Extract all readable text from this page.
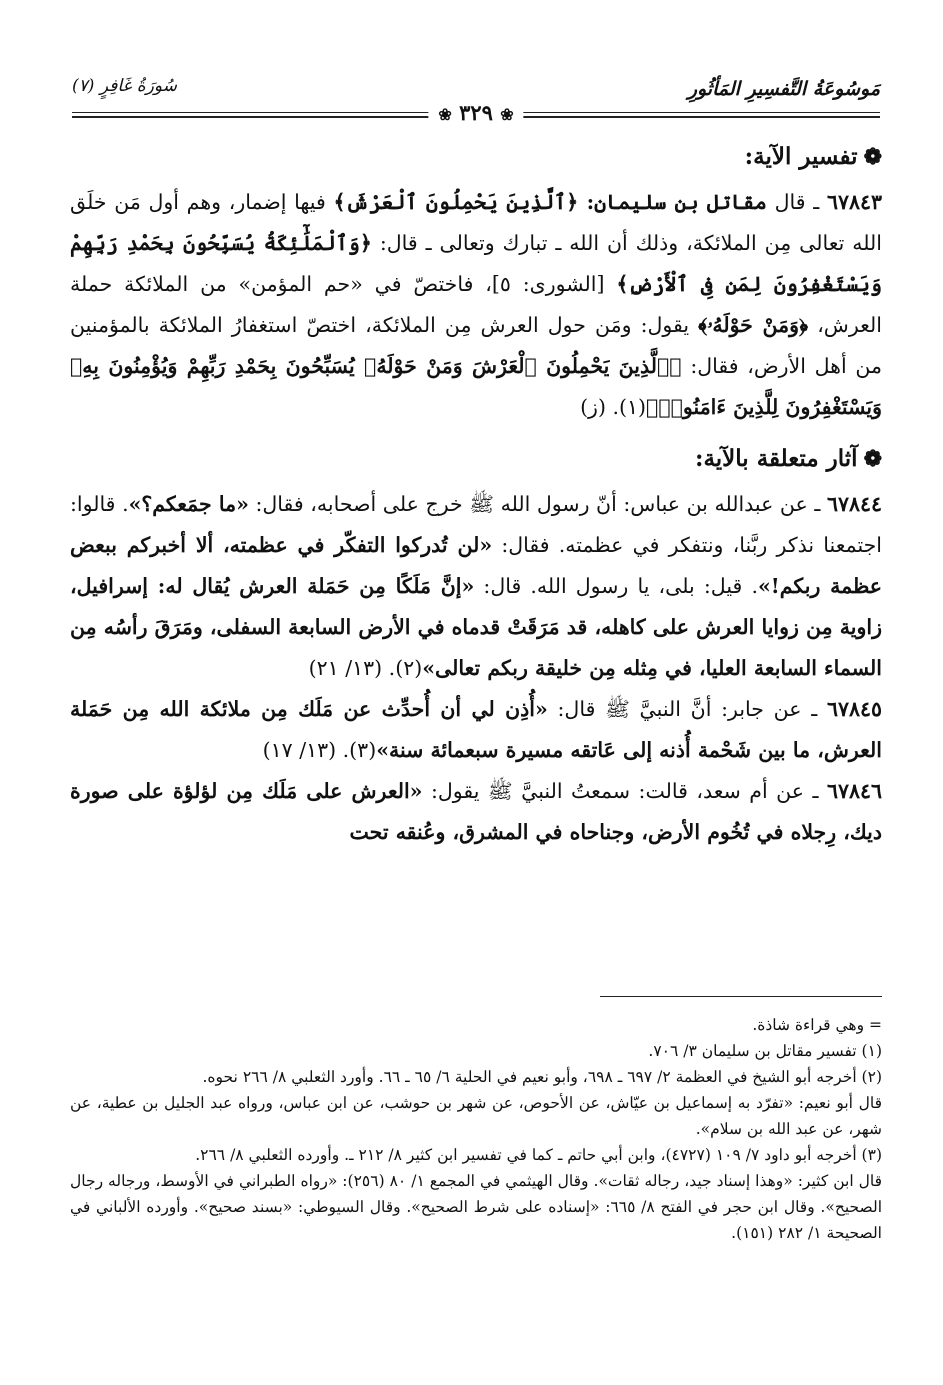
مَوسُوعَةُ التَّفسِيرِ المَأثُورِ
سُورَةُ غَافِرٍ (٧)
❀ ٣٢٩ ❀
❁تفسير الآية:

٦٧٨٤٣ ـ قال مقاتل بن سليمان: ﴿ٱلَّذِينَ يَحْمِلُونَ ٱلْعَرْشَ﴾ فيها إضمار، وهم أول مَن خلَق الله تعالى مِن الملائكة، وذلك أن الله ـ تبارك وتعالى ـ قال: ﴿وَٱلْمَلَٰٓئِكَةُ يُسَبِّحُونَ بِحَمْدِ رَبِّهِمْ وَيَسْتَغْفِرُونَ لِمَن فِى ٱلْأَرْضِ﴾ [الشورى: ٥]، فاختصّ في «حم المؤمن» من الملائكة حملة العرش، ﴿وَمَنْ حَوْلَهُۥ﴾ يقول: ومَن حول العرش مِن الملائكة، اختصّ استغفارُ الملائكة بالمؤمنين من أهل الأرض، فقال: ﴿ٱلَّذِينَ يَحْمِلُونَ ٱلْعَرْشَ وَمَنْ حَوْلَهُۥ يُسَبِّحُونَ بِحَمْدِ رَبِّهِمْ وَيُؤْمِنُونَ بِهِۦ وَيَسْتَغْفِرُونَ لِلَّذِينَ ءَامَنُوا۟﴾(١). (ز)

❁آثار متعلقة بالآية:

٦٧٨٤٤ ـ عن عبدالله بن عباس: أنّ رسول الله ﷺ خرج على أصحابه، فقال: «ما جمَعكم؟». قالوا: اجتمعنا نذكر ربَّنا، ونتفكر في عظمته. فقال: «لن تُدركوا التفكّر في عظمته، ألا أخبركم ببعض عظمة ربكم!». قيل: بلى، يا رسول الله. قال: «إنَّ مَلَكًا مِن حَمَلة العرش يُقال له: إسرافيل، زاوية مِن زوايا العرش على كاهله، قد مَرَقَتْ قدماه في الأرض السابعة السفلى، ومَرَقَ رأسُه مِن السماء السابعة العليا، في مِثله مِن خليقة ربكم تعالى»(٢). (١٣/ ٢١)

٦٧٨٤٥ ـ عن جابر: أنَّ النبيَّ ﷺ قال: «أُذِن لي أن أُحدِّث عن مَلَك مِن ملائكة الله مِن حَمَلة العرش، ما بين شَحْمة أُذنه إلى عَاتقه مسيرة سبعمائة سنة»(٣). (١٣/ ١٧)

٦٧٨٤٦ ـ عن أم سعد، قالت: سمعتُ النبيَّ ﷺ يقول: «العرش على مَلَك مِن لؤلؤة على صورة ديك، رِجلاه في تُخُوم الأرض، وجناحاه في المشرق، وعُنقه تحت

= وهي قراءة شاذة.

(١) تفسير مقاتل بن سليمان ٣/ ٧٠٦.

(٢) أخرجه أبو الشيخ في العظمة ٢/ ٦٩٧ ـ ٦٩٨، وأبو نعيم في الحلية ٦/ ٦٥ ـ ٦٦. وأورد الثعلبي ٨/ ٢٦٦ نحوه.

قال أبو نعيم: «تفرّد به إسماعيل بن عيّاش، عن الأحوص، عن شهر بن حوشب، عن ابن عباس، ورواه عبد الجليل بن عطية، عن شهر، عن عبد الله بن سلام».

(٣) أخرجه أبو داود ٧/ ١٠٩ (٤٧٢٧)، وابن أبي حاتم ـ كما في تفسير ابن كثير ٨/ ٢١٢ ـ. وأورده الثعلبي ٨/ ٢٦٦.

قال ابن كثير: «وهذا إسناد جيد، رجاله ثقات». وقال الهيثمي في المجمع ١/ ٨٠ (٢٥٦): «رواه الطبراني في الأوسط، ورجاله رجال الصحيح». وقال ابن حجر في الفتح ٨/ ٦٦٥: «إسناده على شرط الصحيح». وقال السيوطي: «بسند صحيح». وأورده الألباني في الصحيحة ١/ ٢٨٢ (١٥١).
